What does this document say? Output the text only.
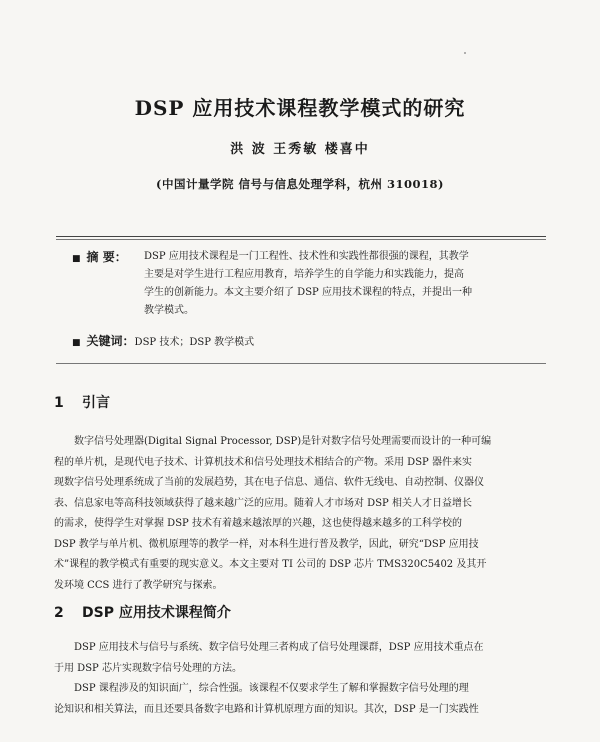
DSP 应用技术课程教学模式的研究
洪 波 王秀敏 楼喜中
(中国计量学院 信号与信息处理学科，杭州 310018)
■ 摘 要： DSP 应用技术课程是一门工程性、技术性和实践性都很强的课程，其教学
主要是对学生进行工程应用教育，培养学生的自学能力和实践能力，提高
学生的创新能力。本文主要介绍了 DSP 应用技术课程的特点，并提出一种
教学模式。
■ 关键词：DSP 技术；DSP 教学模式
1 引言
数字信号处理器(Digital Signal Processor, DSP)是针对数字信号处理需要而设计的一种可编
程的单片机，是现代电子技术、计算机技术和信号处理技术相结合的产物。采用 DSP 器件来实
现数字信号处理系统成了当前的发展趋势，其在电子信息、通信、软件无线电、自动控制、仪器仪
表、信息家电等高科技领域获得了越来越广泛的应用。随着人才市场对 DSP 相关人才日益增长
的需求，使得学生对掌握 DSP 技术有着越来越浓厚的兴趣，这也使得越来越多的工科学校的
DSP 教学与单片机、微机原理等的教学一样，对本科生进行普及教学，因此，研究“DSP 应用技
术”课程的教学模式有重要的现实意义。本文主要对 TI 公司的 DSP 芯片 TMS320C5402 及其开
发环境 CCS 进行了教学研究与探索。
2 DSP 应用技术课程简介
DSP 应用技术与信号与系统、数字信号处理三者构成了信号处理课群，DSP 应用技术重点在
于用 DSP 芯片实现数字信号处理的方法。
DSP 课程涉及的知识面广，综合性强。该课程不仅要求学生了解和掌握数字信号处理的理
论知识和相关算法，而且还要具备数字电路和计算机原理方面的知识。其次，DSP 是一门实践性
